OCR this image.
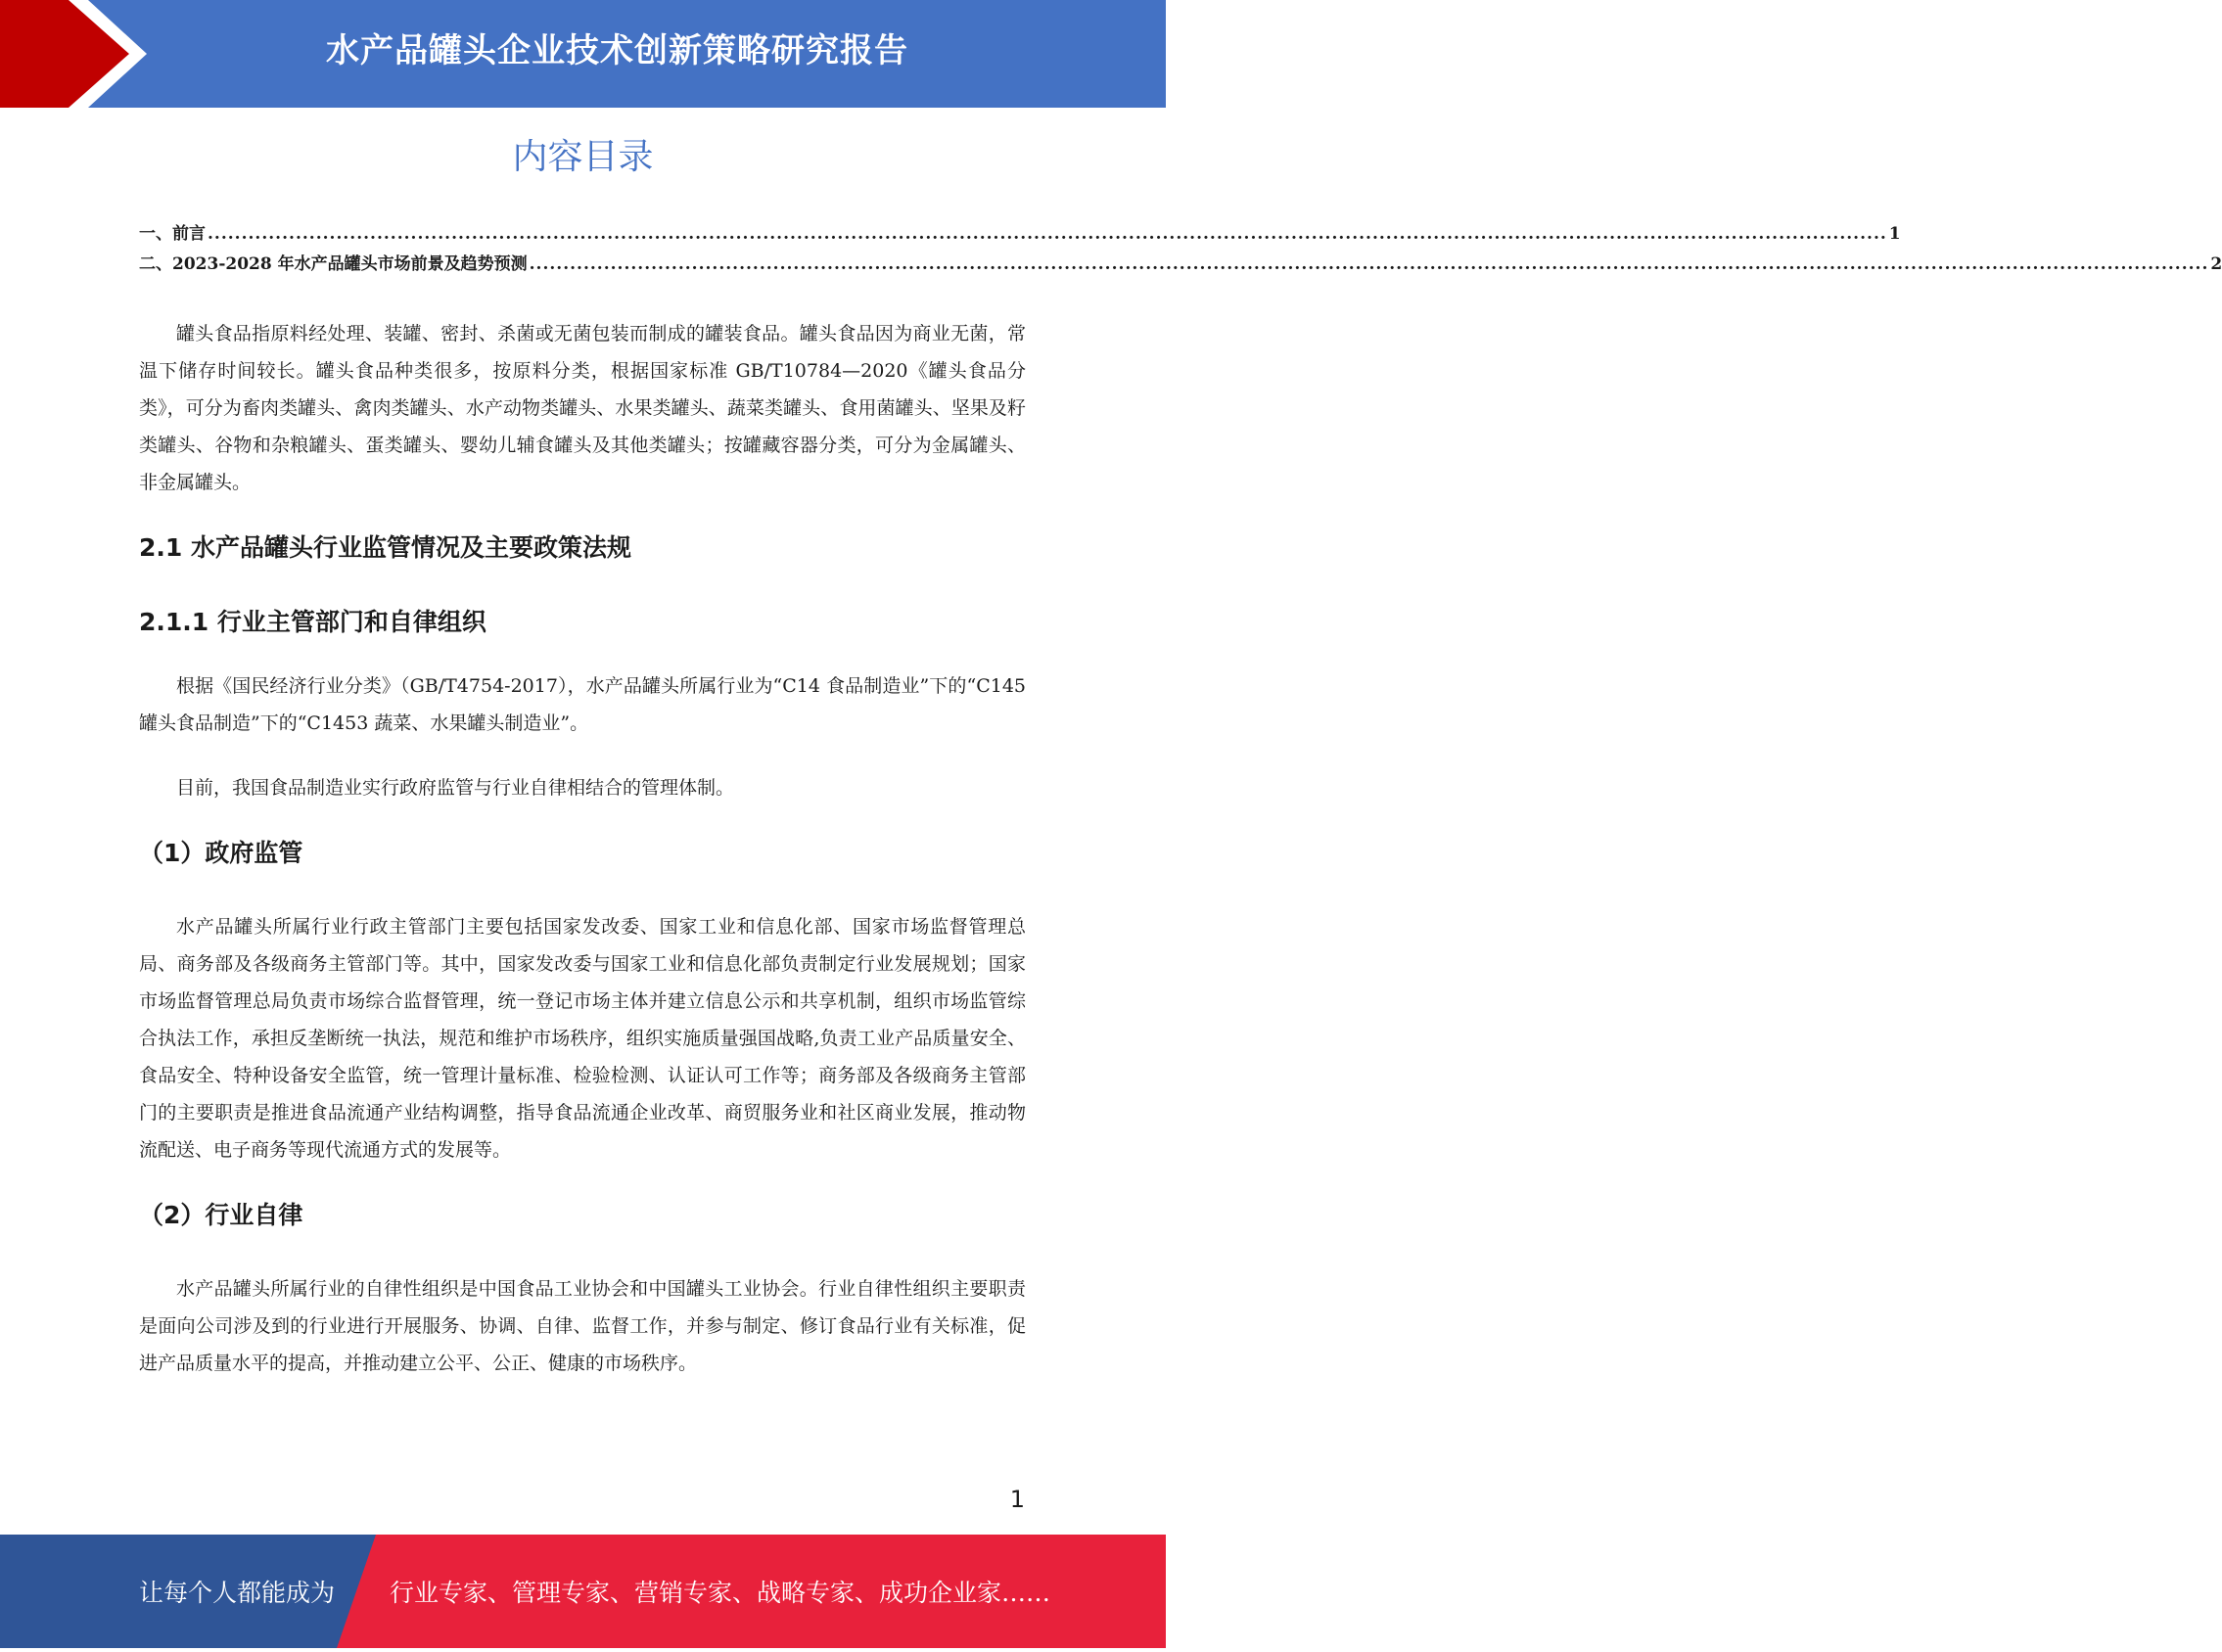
水产品罐头企业技术创新策略研究报告
内容目录
一、前言 ........................................................................................................................................................................................................................................................ 1
二、2023-2028 年水产品罐头市场前景及趋势预测 ........................................................................................................................................................................................................................................................ 2

罐头食品指原料经处理、装罐、密封、杀菌或无菌包装而制成的罐装食品。罐头食品因为商业无菌，常温下储存时间较长。罐头食品种类很多，按原料分类，根据国家标准 GB/T10784—2020《罐头食品分类》，可分为畜肉类罐头、禽肉类罐头、水产动物类罐头、水果类罐头、蔬菜类罐头、食用菌罐头、坚果及籽类罐头、谷物和杂粮罐头、蛋类罐头、婴幼儿辅食罐头及其他类罐头；按罐藏容器分类，可分为金属罐头、非金属罐头。

2.1 水产品罐头行业监管情况及主要政策法规
2.1.1 行业主管部门和自律组织

根据《国民经济行业分类》（GB/T4754-2017），水产品罐头所属行业为“C14 食品制造业”下的“C145 罐头食品制造”下的“C1453 蔬菜、水果罐头制造业”。

目前，我国食品制造业实行政府监管与行业自律相结合的管理体制。

（1）政府监管

水产品罐头所属行业行政主管部门主要包括国家发改委、国家工业和信息化部、国家市场监督管理总局、商务部及各级商务主管部门等。其中，国家发改委与国家工业和信息化部负责制定行业发展规划；国家市场监督管理总局负责市场综合监督管理，统一登记市场主体并建立信息公示和共享机制，组织市场监管综合执法工作，承担反垄断统一执法，规范和维护市场秩序，组织实施质量强国战略,负责工业产品质量安全、食品安全、特种设备安全监管，统一管理计量标准、检验检测、认证认可工作等；商务部及各级商务主管部门的主要职责是推进食品流通产业结构调整，指导食品流通企业改革、商贸服务业和社区商业发展，推动物流配送、电子商务等现代流通方式的发展等。

（2）行业自律

水产品罐头所属行业的自律性组织是中国食品工业协会和中国罐头工业协会。行业自律性组织主要职责是面向公司涉及到的行业进行开展服务、协调、自律、监督工作，并参与制定、修订食品行业有关标准，促进产品质量水平的提高，并推动建立公平、公正、健康的市场秩序。

1
让每个人都能成为 行业专家、管理专家、营销专家、战略专家、成功企业家……
